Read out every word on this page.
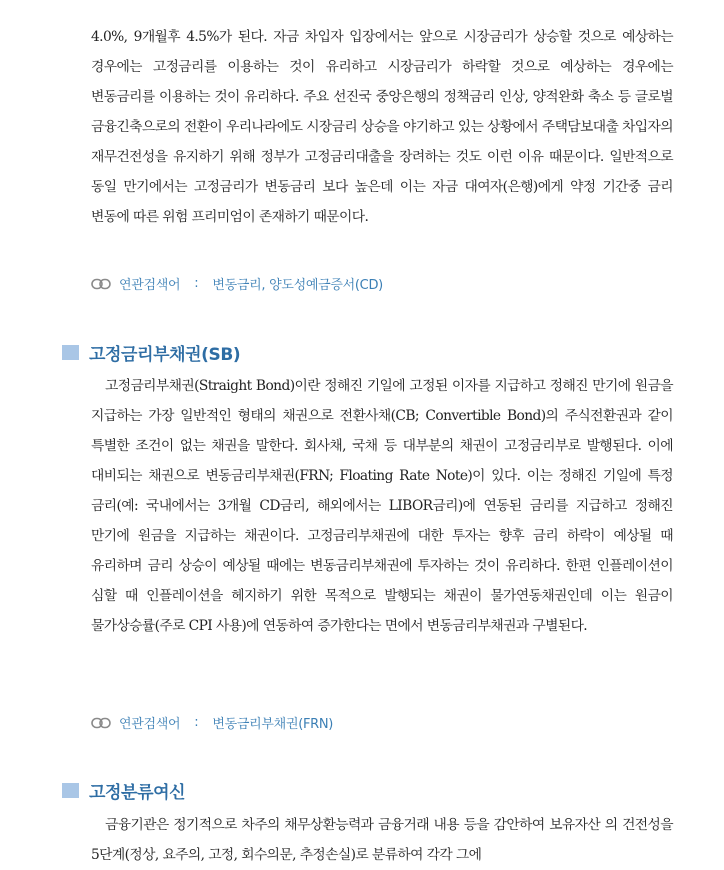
4.0%, 9개월후 4.5%가 된다. 자금 차입자 입장에서는 앞으로 시장금리가 상승할 것으로 예상하는 경우에는 고정금리를 이용하는 것이 유리하고 시장금리가 하락할 것으로 예상하는 경우에는 변동금리를 이용하는 것이 유리하다. 주요 선진국 중앙은행의 정책금리 인상, 양적완화 축소 등 글로벌 금융긴축으로의 전환이 우리나라에도 시장금리 상승을 야기하고 있는 상황에서 주택담보대출 차입자의 재무건전성을 유지하기 위해 정부가 고정금리대출을 장려하는 것도 이런 이유 때문이다. 일반적으로 동일 만기에서는 고정금리가 변동금리 보다 높은데 이는 자금 대여자(은행)에게 약정 기간중 금리 변동에 따른 위험 프리미엄이 존재하기 때문이다.

연관검색어 : 변동금리, 양도성예금증서(CD)
고정금리부채권(SB)

고정금리부채권(Straight Bond)이란 정해진 기일에 고정된 이자를 지급하고 정해진 만기에 원금을 지급하는 가장 일반적인 형태의 채권으로 전환사채(CB; Convertible Bond)의 주식전환권과 같이 특별한 조건이 없는 채권을 말한다. 회사채, 국채 등 대부분의 채권이 고정금리부로 발행된다. 이에 대비되는 채권으로 변동금리부채권(FRN; Floating Rate Note)이 있다. 이는 정해진 기일에 특정 금리(예: 국내에서는 3개월 CD금리, 해외에서는 LIBOR금리)에 연동된 금리를 지급하고 정해진 만기에 원금을 지급하는 채권이다. 고정금리부채권에 대한 투자는 향후 금리 하락이 예상될 때 유리하며 금리 상승이 예상될 때에는 변동금리부채권에 투자하는 것이 유리하다. 한편 인플레이션이 심할 때 인플레이션을 헤지하기 위한 목적으로 발행되는 채권이 물가연동채권인데 이는 원금이 물가상승률(주로 CPI 사용)에 연동하여 증가한다는 면에서 변동금리부채권과 구별된다.

연관검색어 : 변동금리부채권(FRN)
고정분류여신

금융기관은 정기적으로 차주의 채무상환능력과 금융거래 내용 등을 감안하여 보유자산 의 건전성을 5단계(정상, 요주의, 고정, 회수의문, 추정손실)로 분류하여 각각 그에
